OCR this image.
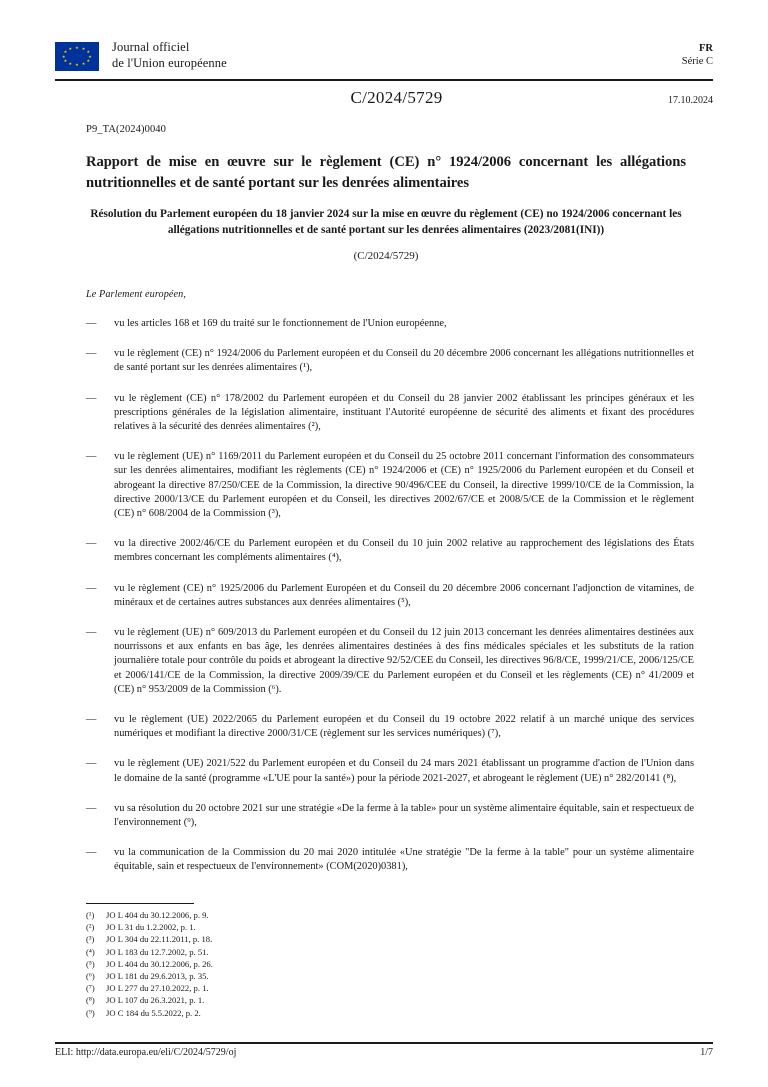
★ ★
★
★
★
★
★
★
★
★
★
★	Journal officiel
de l'Union européenne
FR
Série C
C/2024/5729	17.10.2024
P9_TA(2024)0040
Rapport de mise en œuvre sur le règlement (CE) n° 1924/2006 concernant les allégations nutritionnelles et de santé portant sur les denrées alimentaires
Résolution du Parlement européen du 18 janvier 2024 sur la mise en œuvre du règlement (CE) no 1924/2006 concernant les allégations nutritionnelles et de santé portant sur les denrées alimentaires (2023/2081(INI))
(C/2024/5729)
Le Parlement européen,
—	vu les articles 168 et 169 du traité sur le fonctionnement de l'Union européenne,
—	vu le règlement (CE) n° 1924/2006 du Parlement européen et du Conseil du 20 décembre 2006 concernant les allégations nutritionnelles et de santé portant sur les denrées alimentaires (¹),
—	vu le règlement (CE) n° 178/2002 du Parlement européen et du Conseil du 28 janvier 2002 établissant les principes généraux et les prescriptions générales de la législation alimentaire, instituant l'Autorité européenne de sécurité des aliments et fixant des procédures relatives à la sécurité des denrées alimentaires (²),
—	vu le règlement (UE) n° 1169/2011 du Parlement européen et du Conseil du 25 octobre 2011 concernant l'information des consommateurs sur les denrées alimentaires, modifiant les règlements (CE) n° 1924/2006 et (CE) n° 1925/2006 du Parlement européen et du Conseil et abrogeant la directive 87/250/CEE de la Commission, la directive 90/496/CEE du Conseil, la directive 1999/10/CE de la Commission, la directive 2000/13/CE du Parlement européen et du Conseil, les directives 2002/67/CE et 2008/5/CE de la Commission et le règlement (CE) n° 608/2004 de la Commission (³),
—	vu la directive 2002/46/CE du Parlement européen et du Conseil du 10 juin 2002 relative au rapprochement des législations des États membres concernant les compléments alimentaires (⁴),
—	vu le règlement (CE) n° 1925/2006 du Parlement Européen et du Conseil du 20 décembre 2006 concernant l'adjonction de vitamines, de minéraux et de certaines autres substances aux denrées alimentaires (⁵),
—	vu le règlement (UE) n° 609/2013 du Parlement européen et du Conseil du 12 juin 2013 concernant les denrées alimentaires destinées aux nourrissons et aux enfants en bas âge, les denrées alimentaires destinées à des fins médicales spéciales et les substituts de la ration journalière totale pour contrôle du poids et abrogeant la directive 92/52/CEE du Conseil, les directives 96/8/CE, 1999/21/CE, 2006/125/CE et 2006/141/CE de la Commission, la directive 2009/39/CE du Parlement européen et du Conseil et les règlements (CE) n° 41/2009 et (CE) n° 953/2009 de la Commission (⁶).
—	vu le règlement (UE) 2022/2065 du Parlement européen et du Conseil du 19 octobre 2022 relatif à un marché unique des services numériques et modifiant la directive 2000/31/CE (règlement sur les services numériques) (⁷),
—	vu le règlement (UE) 2021/522 du Parlement européen et du Conseil du 24 mars 2021 établissant un programme d'action de l'Union dans le domaine de la santé (programme «L'UE pour la santé») pour la période 2021-2027, et abrogeant le règlement (UE) n° 282/20141 (⁸),
—	vu sa résolution du 20 octobre 2021 sur une stratégie «De la ferme à la table» pour un système alimentaire équitable, sain et respectueux de l'environnement (⁹),
—	vu la communication de la Commission du 20 mai 2020 intitulée «Une stratégie "De la ferme à la table" pour un système alimentaire équitable, sain et respectueux de l'environnement» (COM(2020)0381),
(¹)	JO L 404 du 30.12.2006, p. 9.
(²)	JO L 31 du 1.2.2002, p. 1.
(³)	JO L 304 du 22.11.2011, p. 18.
(⁴)	JO L 183 du 12.7.2002, p. 51.
(⁵)	JO L 404 du 30.12.2006, p. 26.
(⁶)	JO L 181 du 29.6.2013, p. 35.
(⁷)	JO L 277 du 27.10.2022, p. 1.
(⁸)	JO L 107 du 26.3.2021, p. 1.
(⁹)	JO C 184 du 5.5.2022, p. 2.
ELI: http://data.europa.eu/eli/C/2024/5729/oj	1/7
